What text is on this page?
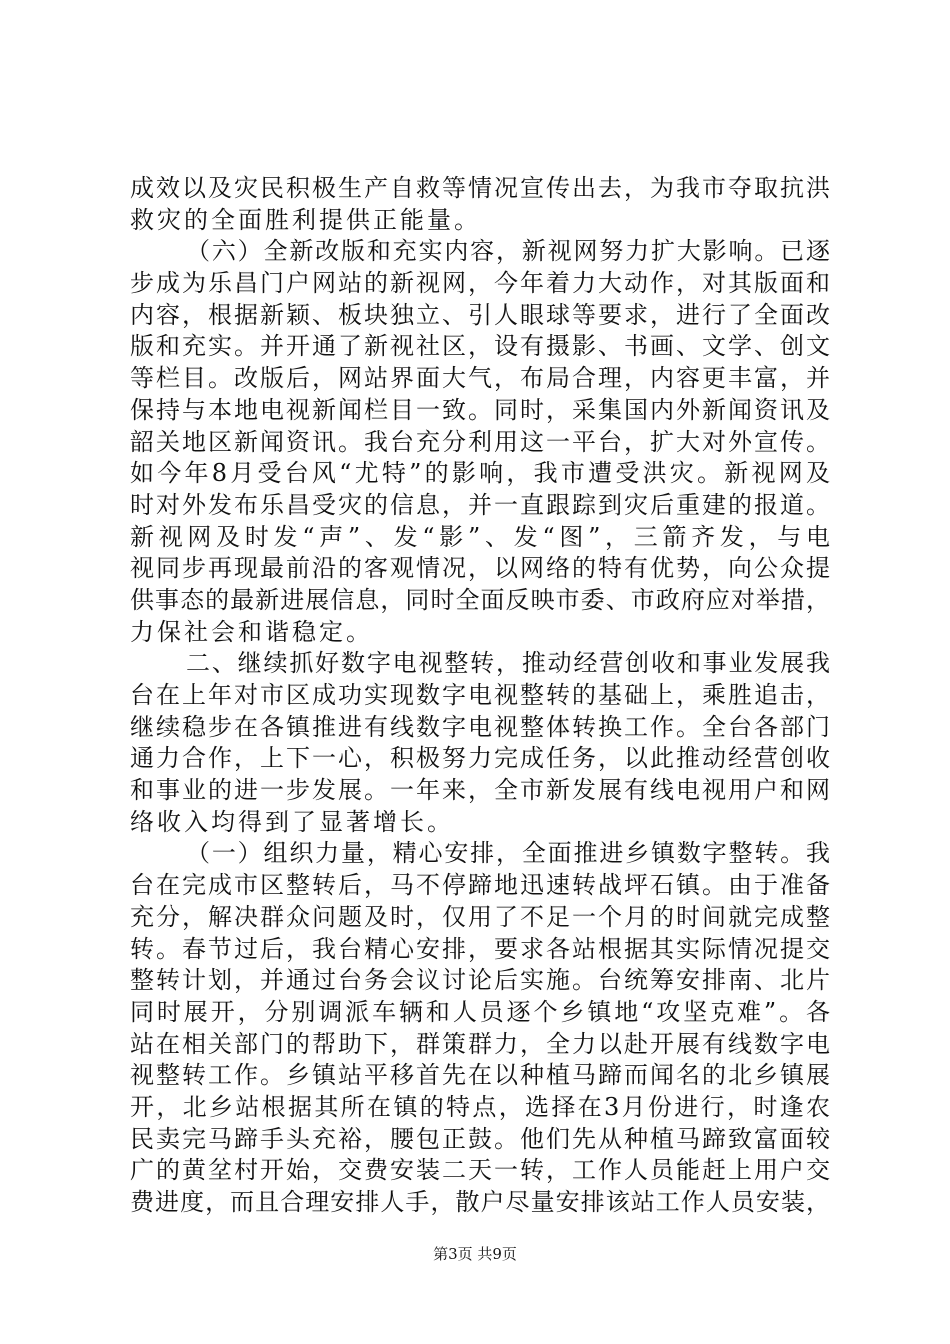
成效以及灾民积极生产自救等情况宣传出去，为我市夺取抗洪
救灾的全面胜利提供正能量。
（六）全新改版和充实内容，新视网努力扩大影响。已逐
步成为乐昌门户网站的新视网，今年着力大动作，对其版面和
内容，根据新颖、板块独立、引人眼球等要求，进行了全面改
版和充实。并开通了新视社区，设有摄影、书画、文学、创文
等栏目。改版后，网站界面大气，布局合理，内容更丰富，并
保持与本地电视新闻栏目一致。同时，采集国内外新闻资讯及
韶关地区新闻资讯。我台充分利用这一平台，扩大对外宣传。
如今年8月受台风“尤特”的影响，我市遭受洪灾。新视网及
时对外发布乐昌受灾的信息，并一直跟踪到灾后重建的报道。
新视网及时发“声”、发“影”、发“图”，三箭齐发，与电
视同步再现最前沿的客观情况，以网络的特有优势，向公众提
供事态的最新进展信息，同时全面反映市委、市政府应对举措，
力保社会和谐稳定。
二、继续抓好数字电视整转，推动经营创收和事业发展我
台在上年对市区成功实现数字电视整转的基础上，乘胜追击，
继续稳步在各镇推进有线数字电视整体转换工作。全台各部门
通力合作，上下一心，积极努力完成任务，以此推动经营创收
和事业的进一步发展。一年来，全市新发展有线电视用户和网
络收入均得到了显著增长。
（一）组织力量，精心安排，全面推进乡镇数字整转。我
台在完成市区整转后，马不停蹄地迅速转战坪石镇。由于准备
充分，解决群众问题及时，仅用了不足一个月的时间就完成整
转。春节过后，我台精心安排，要求各站根据其实际情况提交
整转计划，并通过台务会议讨论后实施。台统筹安排南、北片
同时展开，分别调派车辆和人员逐个乡镇地“攻坚克难”。各
站在相关部门的帮助下，群策群力，全力以赴开展有线数字电
视整转工作。乡镇站平移首先在以种植马蹄而闻名的北乡镇展
开，北乡站根据其所在镇的特点，选择在3月份进行，时逢农
民卖完马蹄手头充裕，腰包正鼓。他们先从种植马蹄致富面较
广的黄坌村开始，交费安装二天一转，工作人员能赶上用户交
费进度，而且合理安排人手，散户尽量安排该站工作人员安装，
第3页 共9页
